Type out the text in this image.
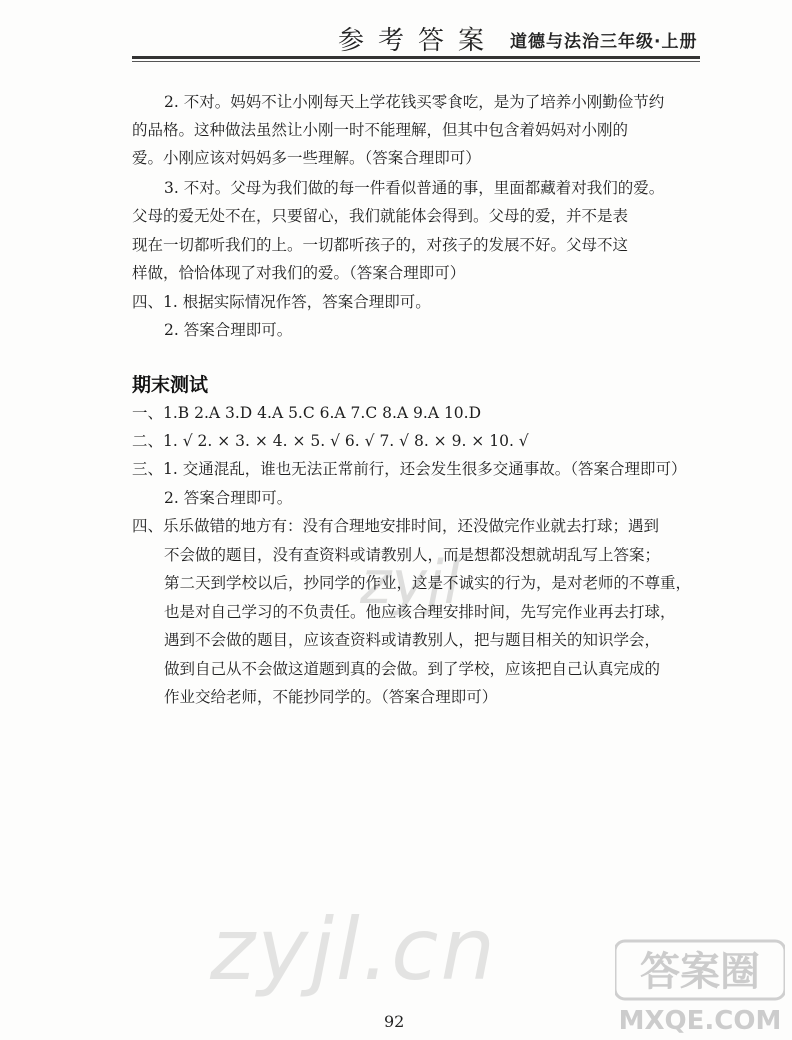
参考答案 道德与法治三年级·上册
2. 不对。妈妈不让小刚每天上学花钱买零食吃，是为了培养小刚勤俭节约
的品格。这种做法虽然让小刚一时不能理解，但其中包含着妈妈对小刚的
爱。小刚应该对妈妈多一些理解。（答案合理即可）
3. 不对。父母为我们做的每一件看似普通的事，里面都藏着对我们的爱。
父母的爱无处不在，只要留心，我们就能体会得到。父母的爱，并不是表
现在一切都听我们的上。一切都听孩子的，对孩子的发展不好。父母不这
样做，恰恰体现了对我们的爱。（答案合理即可）
四、1. 根据实际情况作答，答案合理即可。
2. 答案合理即可。
期末测试
一、1.B 2.A 3.D 4.A 5.C 6.A 7.C 8.A 9.A 10.D
二、1. √ 2. × 3. × 4. × 5. √ 6. √ 7. √ 8. × 9. × 10. √
三、1. 交通混乱，谁也无法正常前行，还会发生很多交通事故。（答案合理即可）
2. 答案合理即可。
四、乐乐做错的地方有：没有合理地安排时间，还没做完作业就去打球；遇到
不会做的题目，没有查资料或请教别人，而是想都没想就胡乱写上答案；
第二天到学校以后，抄同学的作业，这是不诚实的行为，是对老师的不尊重，
也是对自己学习的不负责任。他应该合理安排时间，先写完作业再去打球，
遇到不会做的题目，应该查资料或请教别人，把与题目相关的知识学会，
做到自己从不会做这道题到真的会做。到了学校，应该把自己认真完成的
作业交给老师，不能抄同学的。（答案合理即可）
zyjl
zyjl.cn	答案圈
MXQE.COM
92
